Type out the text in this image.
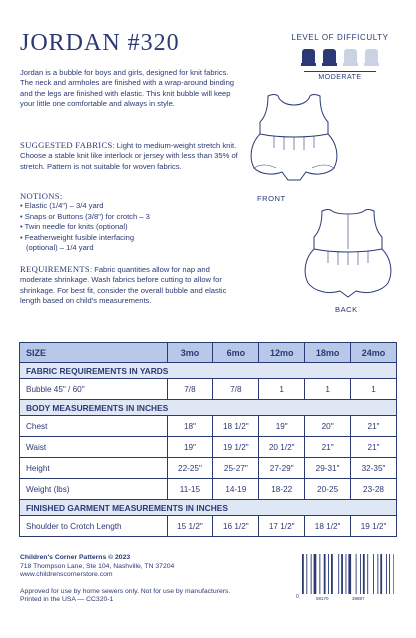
JORDAN #320	LEVEL OF DIFFICULTY
MODERATE
Jordan is a bubble for boys and girls, designed for knit fabrics. The neck and armholes are finished with a wrap-around binding and the legs are finished with elastic. This knit bubble will keep your little one comfortable and always in style.
SUGGESTED FABRICS: Light to medium-weight stretch knit. Choose a stable knit like interlock or jersey with less than 35% of stretch. Pattern is not suitable for woven fabrics.
NOTIONS:
• Elastic (1/4") – 3/4 yard
• Snaps or Buttons (3/8") for crotch – 3
• Twin needle for knits (optional)
• Featherweight fusible interfacing
(optional) – 1/4 yard
REQUIREMENTS: Fabric quantities allow for nap and moderate shrinkage. Wash fabrics before cutting to allow for shrinkage. For best fit, consider the overall bubble and elastic length based on child's measurements.
FRONT
BACK
SIZE	3mo	6mo	12mo	18mo	24mo
FABRIC REQUIREMENTS IN YARDS					
Bubble 45" / 60"	7/8	7/8	1	1	1
BODY MEASUREMENTS IN INCHES					
Chest	18"	18 1/2"	19"	20"	21"
Waist	19"	19 1/2"	20 1/2"	21"	21"
Height	22-25"	25-27"	27-29"	29-31"	32-35"
Weight (lbs)	11-15	14-19	18-22	20-25	23-28
FINISHED GARMENT MEASUREMENTS IN INCHES					
Shoulder to Crotch Length	15 1/2"	16 1/2"	17 1/2"	18 1/2"	19 1/2"
Children's Corner Patterns © 2023
718 Thompson Lane, Ste 104, Nashville, TN 37204
www.childrenscornerstore.com
Approved for use by home sewers only. Not for use by manufacturers.
Printed in the USA — CC320-1	0	59170	38887
